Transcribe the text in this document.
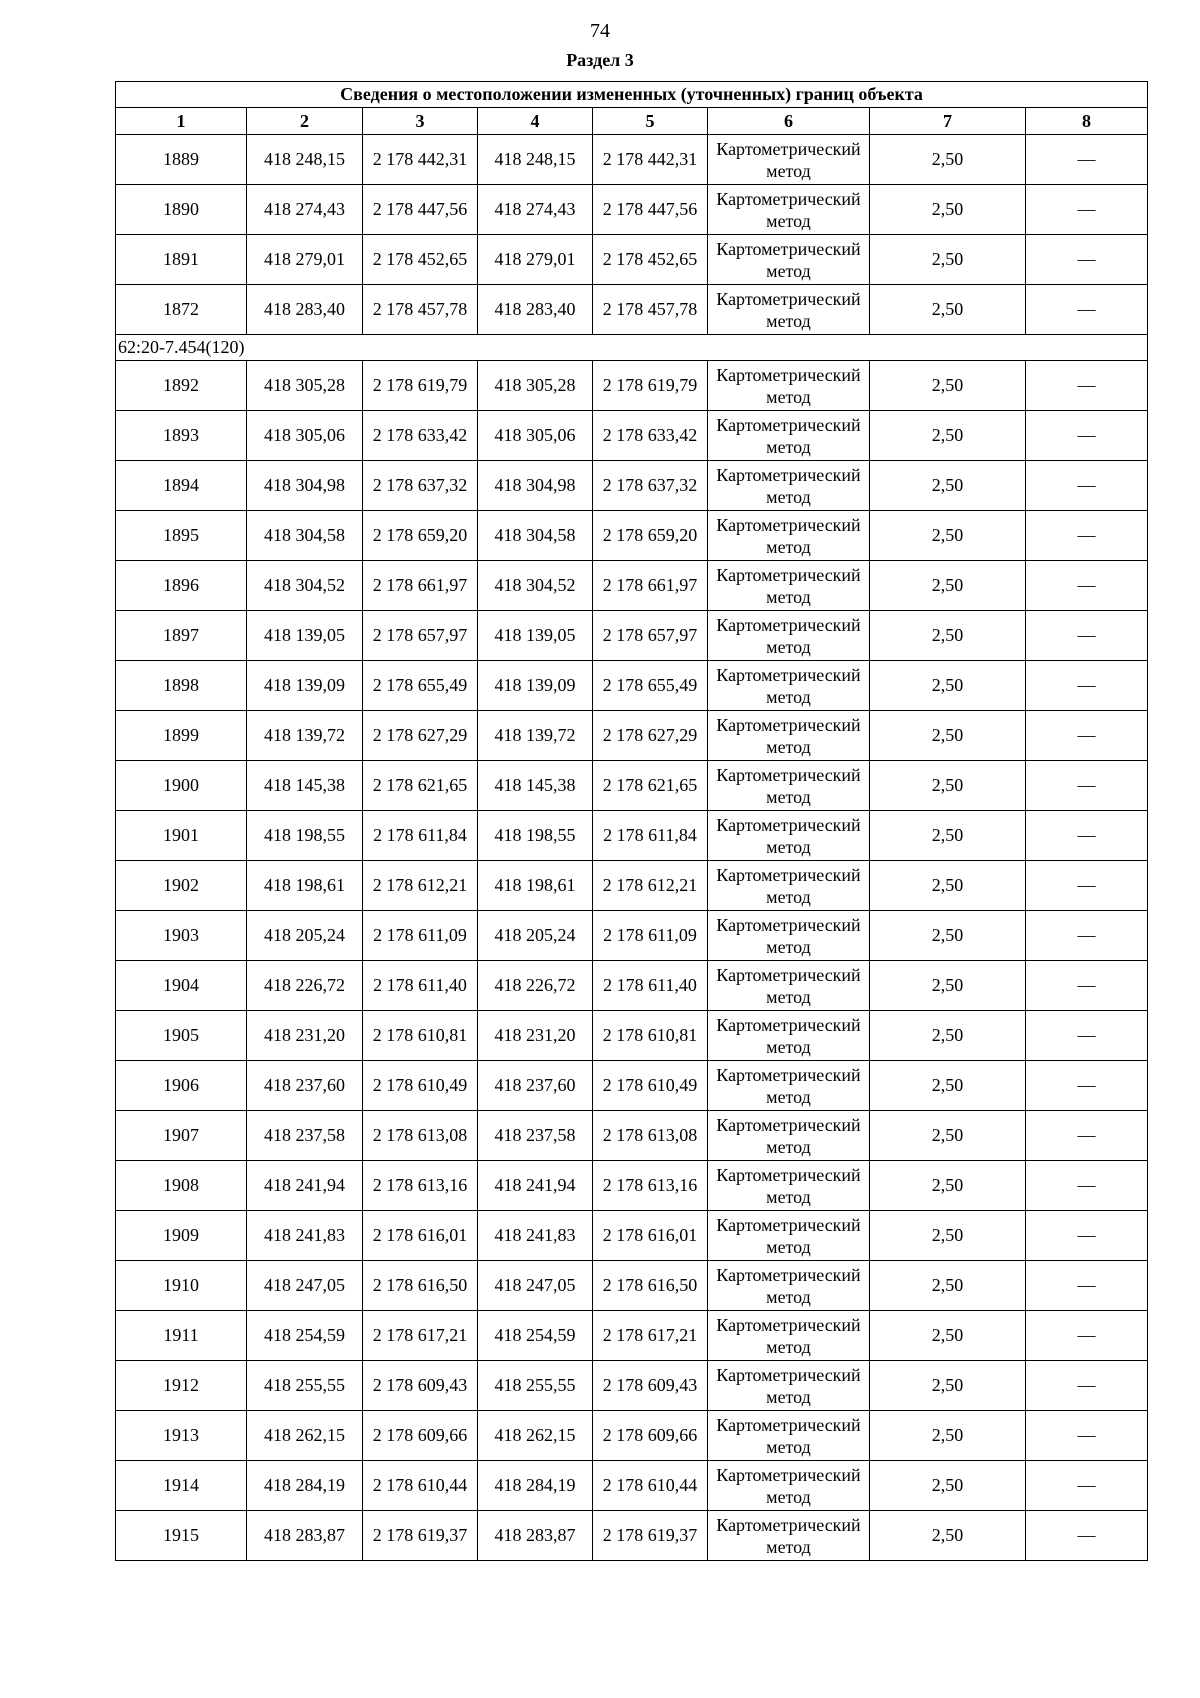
74
Раздел 3
Сведения о местоположении измененных (уточненных) границ объекта							
1	2	3	4	5	6	7	8
1889	418 248,15	2 178 442,31	418 248,15	2 178 442,31	Картометрический метод	2,50	—
1890	418 274,43	2 178 447,56	418 274,43	2 178 447,56	Картометрический метод	2,50	—
1891	418 279,01	2 178 452,65	418 279,01	2 178 452,65	Картометрический метод	2,50	—
1872	418 283,40	2 178 457,78	418 283,40	2 178 457,78	Картометрический метод	2,50	—
62:20-7.454(120)							
1892	418 305,28	2 178 619,79	418 305,28	2 178 619,79	Картометрический метод	2,50	—
1893	418 305,06	2 178 633,42	418 305,06	2 178 633,42	Картометрический метод	2,50	—
1894	418 304,98	2 178 637,32	418 304,98	2 178 637,32	Картометрический метод	2,50	—
1895	418 304,58	2 178 659,20	418 304,58	2 178 659,20	Картометрический метод	2,50	—
1896	418 304,52	2 178 661,97	418 304,52	2 178 661,97	Картометрический метод	2,50	—
1897	418 139,05	2 178 657,97	418 139,05	2 178 657,97	Картометрический метод	2,50	—
1898	418 139,09	2 178 655,49	418 139,09	2 178 655,49	Картометрический метод	2,50	—
1899	418 139,72	2 178 627,29	418 139,72	2 178 627,29	Картометрический метод	2,50	—
1900	418 145,38	2 178 621,65	418 145,38	2 178 621,65	Картометрический метод	2,50	—
1901	418 198,55	2 178 611,84	418 198,55	2 178 611,84	Картометрический метод	2,50	—
1902	418 198,61	2 178 612,21	418 198,61	2 178 612,21	Картометрический метод	2,50	—
1903	418 205,24	2 178 611,09	418 205,24	2 178 611,09	Картометрический метод	2,50	—
1904	418 226,72	2 178 611,40	418 226,72	2 178 611,40	Картометрический метод	2,50	—
1905	418 231,20	2 178 610,81	418 231,20	2 178 610,81	Картометрический метод	2,50	—
1906	418 237,60	2 178 610,49	418 237,60	2 178 610,49	Картометрический метод	2,50	—
1907	418 237,58	2 178 613,08	418 237,58	2 178 613,08	Картометрический метод	2,50	—
1908	418 241,94	2 178 613,16	418 241,94	2 178 613,16	Картометрический метод	2,50	—
1909	418 241,83	2 178 616,01	418 241,83	2 178 616,01	Картометрический метод	2,50	—
1910	418 247,05	2 178 616,50	418 247,05	2 178 616,50	Картометрический метод	2,50	—
1911	418 254,59	2 178 617,21	418 254,59	2 178 617,21	Картометрический метод	2,50	—
1912	418 255,55	2 178 609,43	418 255,55	2 178 609,43	Картометрический метод	2,50	—
1913	418 262,15	2 178 609,66	418 262,15	2 178 609,66	Картометрический метод	2,50	—
1914	418 284,19	2 178 610,44	418 284,19	2 178 610,44	Картометрический метод	2,50	—
1915	418 283,87	2 178 619,37	418 283,87	2 178 619,37	Картометрический метод	2,50	—
